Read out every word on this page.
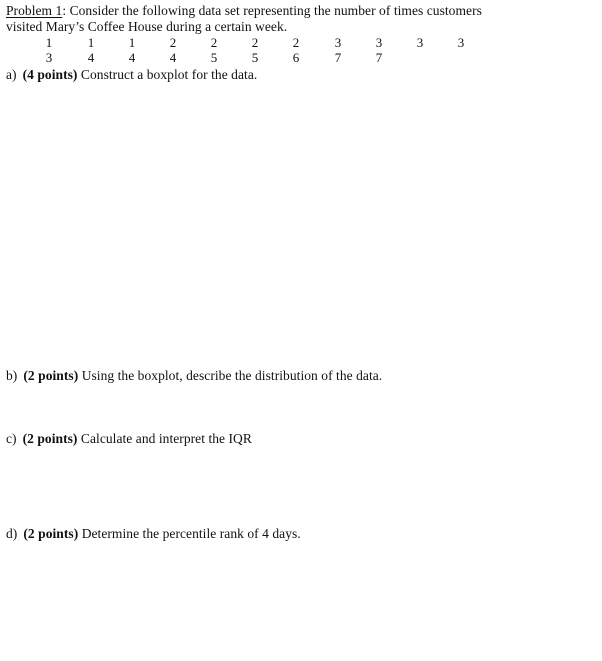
Problem 1: Consider the following data set representing the number of times customers
visited Mary’s Coffee House during a certain week.
1	1	1	2	2	2	2	3	3	3	3
3	4	4	4	5	5	6	7	7
a) (4 points) Construct a boxplot for the data.
b) (2 points) Using the boxplot, describe the distribution of the data.
c) (2 points) Calculate and interpret the IQR
d) (2 points) Determine the percentile rank of 4 days.
